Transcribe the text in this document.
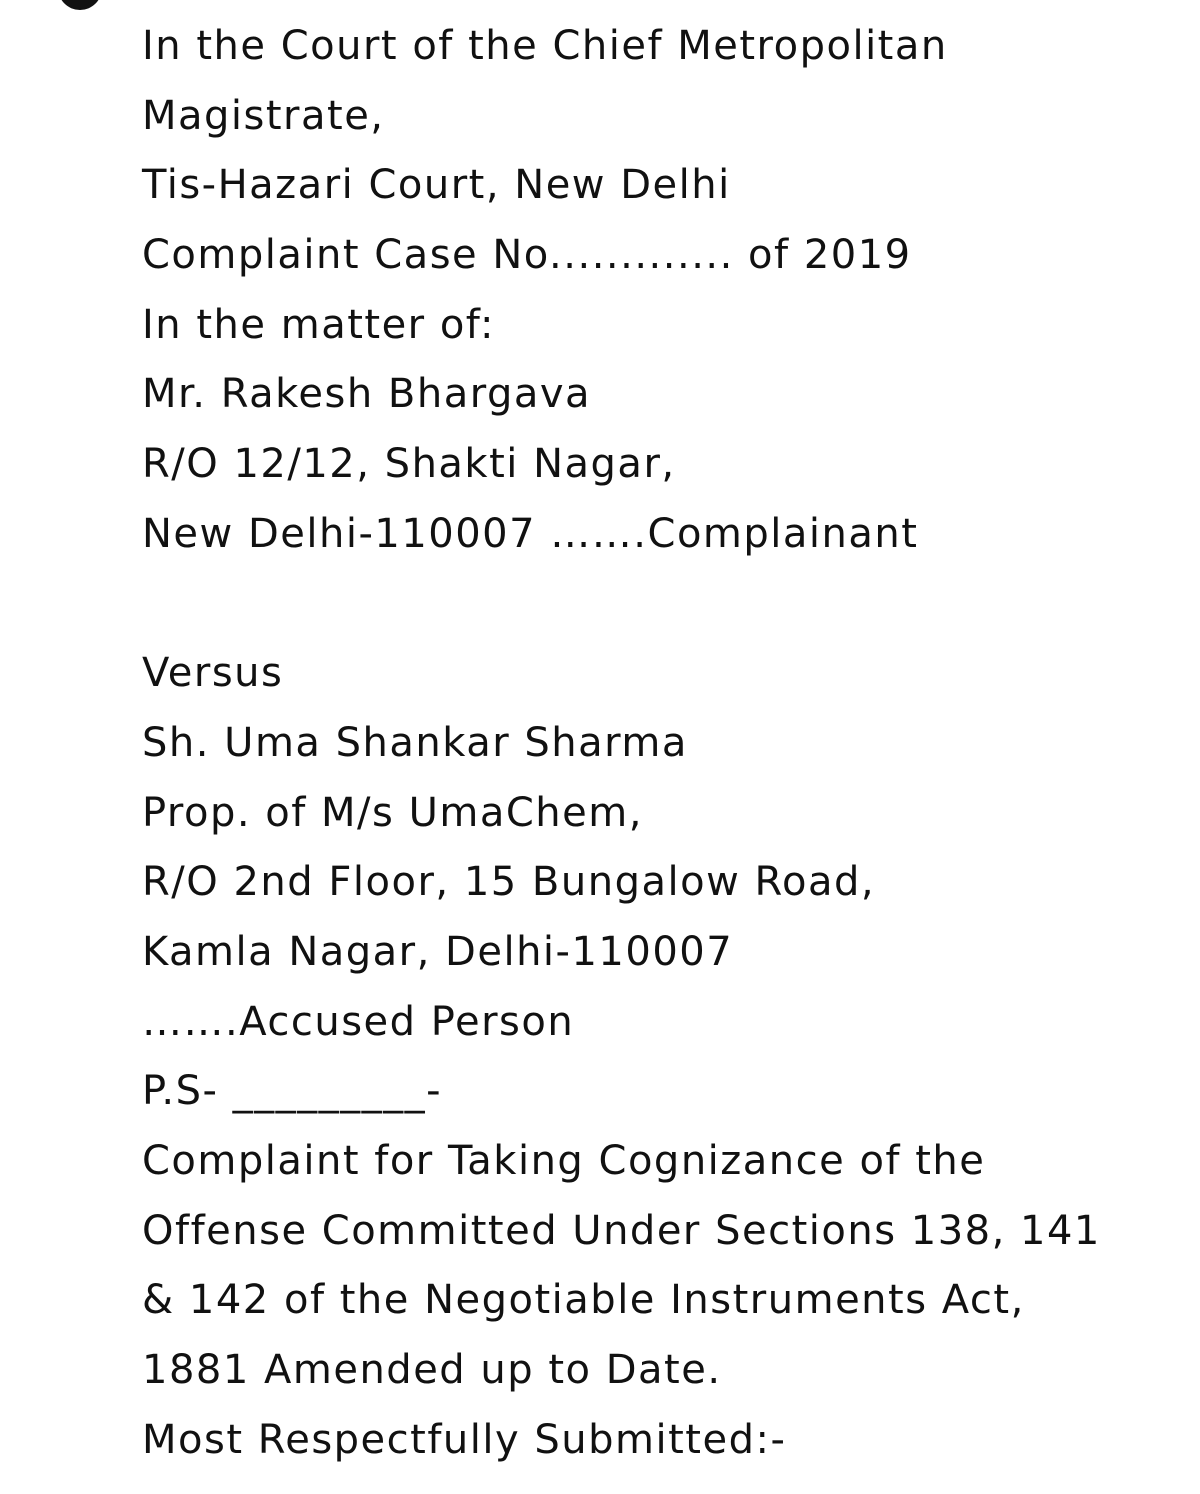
In the Court of the Chief Metropolitan
Magistrate,
Tis-Hazari Court, New Delhi
Complaint Case No............. of 2019
In the matter of:
Mr. Rakesh Bhargava
R/O 12/12, Shakti Nagar,
New Delhi-110007 …….Complainant
Versus
Sh. Uma Shankar Sharma
Prop. of M/s UmaChem,
R/O 2nd Floor, 15 Bungalow Road,
Kamla Nagar, Delhi-110007
…….Accused Person
P.S- _________-
Complaint for Taking Cognizance of the
Offense Committed Under Sections 138, 141
& 142 of the Negotiable Instruments Act,
1881 Amended up to Date.
Most Respectfully Submitted:-
